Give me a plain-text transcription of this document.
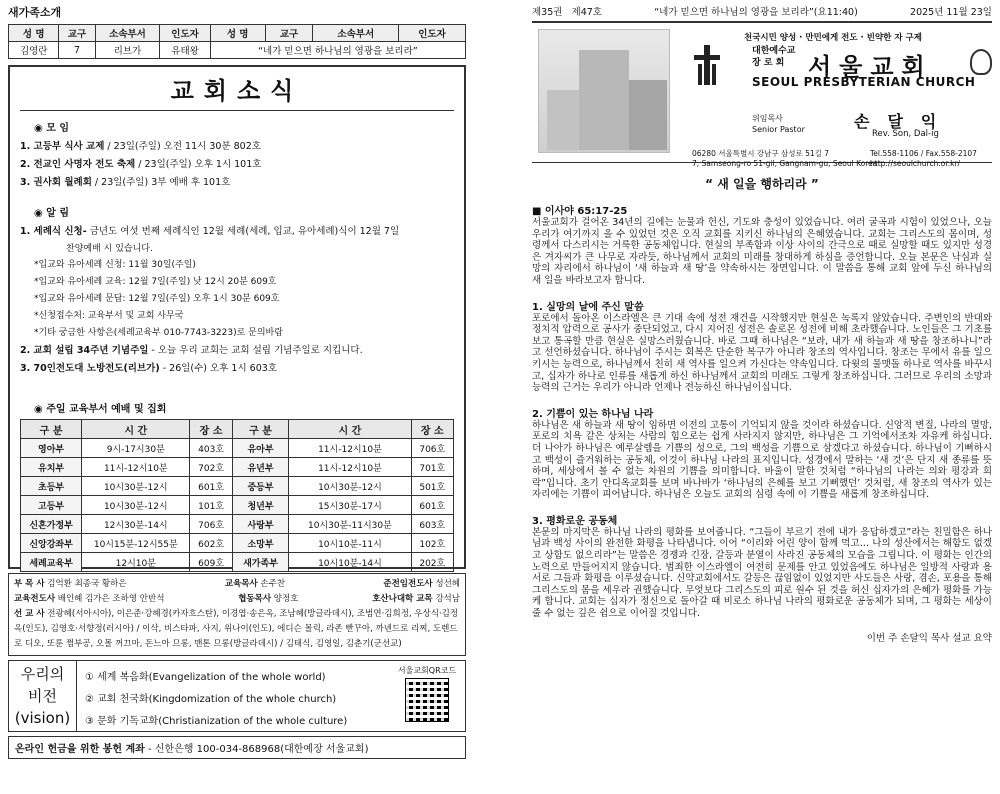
새가족소개
성 명	교구	소속부서	인도자	성 명	교구	소속부서	인도자
김영란	7	리브가	유태왕	“네가 믿으면 하나님의 영광을 보리라”			
교회소식
◉ 모 임
1. 고등부 식사 교제 / 23일(주일) 오전 11시 30분 802호
2. 전교인 사명자 전도 축제 / 23일(주일) 오후 1시 101호
3. 권사회 월례회 / 23일(주일) 3부 예배 후 101호
◉ 알 림
1. 세례식 신청- 금년도 여섯 번째 세례식인 12월 세례(세례, 입교, 유아세례)식이 12월 7일
찬양예배 시 있습니다.
*입교와 유아세례 신청: 11월 30일(주일)
*입교와 유아세례 교육: 12월 7일(주일) 낮 12시 20분 609호
*입교와 유아세례 문답: 12월 7일(주일) 오후 1시 30분 609호
*신청접수처: 교육부서 및 교회 사무국
*기타 궁금한 사항은(세례교육부 010-7743-3223)로 문의바람
2. 교회 설립 34주년 기념주일 - 오늘 우리 교회는 교회 설립 기념주일로 지킵니다.
3. 70인전도대 노방전도(리브가) - 26일(수) 오후 1시 603호
◉ 주일 교육부서 예배 및 집회
구 분	시 간	장 소	구 분	시 간	장 소
영아부	9시-17시30분	403호	유아부	11시-12시10분	706호
유치부	11시-12시10분	702호	유년부	11시-12시10분	701호
초등부	10시30분-12시	601호	중등부	10시30분-12시	501호
고등부	10시30분-12시	101호	청년부	15시30분-17시	601호
신혼가정부	12시30분-14시	706호	사랑부	10시30분-11시30분	603호
신앙강좌부	10시15분-12시55분	602호	소망부	10시10분-11시	102호
세례교육부	12시10분	609호	새가족부	10시10분-14시	202호
부 목 사 김억환 최종국 황하은	교육목사 손주찬	준전임전도사 성선혜
교육전도사 배인혜 김가은 조하영 안반석	협동목사 양정호	호산나대학 교목 강석남
선 교 사 전광혜(서아시아), 이은준·강혜경(카자흐스탄), 이경엽·송은옥, 조남혜(방글라데시), 조범연·김희정, 우상식·김정옥(인도), 김영호·서향정(러시아) / 이삭, 비스타파, 사지, 위나이(인도), 에디슨 몰릭, 라존 빤꾸아, 까넨드로 리찌, 도렌드로 디오, 또룬 쩜부공, 오몰 꺼끄마, 돈느아 므롱, 맨톤 므롱(방글라데시) / 김태식, 김영일, 김춘기(군선교)
우리의
비전
(vision)
① 세계 복음화(Evangelization of the whole world)
② 교회 천국화(Kingdomization of the whole church)
③ 문화 기독교화(Christianization of the whole culture)
서울교회QR코드
온라인 헌금을 위한 봉헌 계좌 - 신한은행 100-034-868968(대한예장 서울교회)
제35권 제47호	“네가 믿으면 하나님의 영광을 보리라”(요11:40)	2025년 11월 23일
천국시민 양성 · 만민에게 전도 · 빈약한 자 구제
대한예수교
장 로 회 서울교회
SEOUL PRESBYTERIAN CHURCH
위임목사
Senior Pastor	손달익
Rev. Son, Dal-ig
06280 서울특별시 강남구 삼성로 51길 7
7, Samseong-ro 51-gil, Gangnam-gu, Seoul Korea
Tel.558-1106 / Fax.558-2107
http://seoulchurch.or.kr/
“ 새 일을 행하리라 ”
■ 이사야 65:17-25
서울교회가 걸어온 34년의 길에는 눈물과 헌신, 기도와 충성이 있었습니다. 여러 굴곡과 시험이 있었으나, 오늘 우리가 여기까지 올 수 있었던 것은 오직 교회를 지키신 하나님의 은혜였습니다. 교회는 그리스도의 몸이며, 성령께서 다스리시는 거룩한 공동체입니다. 현실의 부족함과 이상 사이의 간극으로 때로 실망할 때도 있지만 성경은 겨자씨가 큰 나무로 자라듯, 하나님께서 교회의 미래를 창대하게 하심을 증언합니다. 오늘 본문은 낙심과 실망의 자리에서 하나님이 ‘새 하늘과 새 땅’을 약속하시는 장면입니다. 이 말씀을 통해 교회 앞에 두신 하나님의 새 일을 바라보고자 합니다.
1. 실망의 날에 주신 말씀
포로에서 돌아온 이스라엘은 큰 기대 속에 성전 재건을 시작했지만 현실은 녹록지 않았습니다. 주변인의 반대와 정치적 압력으로 공사가 중단되었고, 다시 지어진 성전은 솔로몬 성전에 비해 초라했습니다. 노인들은 그 기초를 보고 통곡할 만큼 현실은 실망스러웠습니다. 바로 그때 하나님은 “보라, 내가 새 하늘과 새 땅을 창조하나니”라고 선언하셨습니다. 하나님이 주시는 회복은 단순한 복구가 아니라 창조의 역사입니다. 창조는 무에서 유를 일으키시는 능력으로, 하나님께서 친히 새 역사를 일으켜 가신다는 약속입니다. 다윗의 물맷돌 하나로 역사를 바꾸시고, 십자가 하나로 인류를 새롭게 하신 하나님께서 교회의 미래도 그렇게 창조하십니다. 그러므로 우리의 소망과 능력의 근거는 우리가 아니라 언제나 전능하신 하나님이십니다.
2. 기쁨이 있는 하나님 나라
하나님은 새 하늘과 새 땅이 임하면 이전의 고통이 기억되지 않을 것이라 하셨습니다. 신앙적 변질, 나라의 멸망, 포로의 치욕 같은 상처는 사람의 힘으로는 쉽게 사라지지 않지만, 하나님은 그 기억에서조차 자유케 하십니다. 더 나아가 하나님은 예루살렘을 기쁨의 성으로, 그의 백성을 기쁨으로 삼겠다고 하셨습니다. 하나님이 기뻐하시고 백성이 즐거워하는 공동체, 이것이 하나님 나라의 표지입니다. 성경에서 말하는 ‘새 것’은 단지 새 종류를 뜻하며, 세상에서 볼 수 없는 차원의 기쁨을 의미합니다. 바울이 말한 것처럼 “하나님의 나라는 의와 평강과 희락”입니다. 초기 안디옥교회를 보며 바나바가 ‘하나님의 은혜를 보고 기뻐했던’ 것처럼, 새 창조의 역사가 있는 자리에는 기쁨이 피어납니다. 하나님은 오늘도 교회의 심령 속에 이 기쁨을 새롭게 창조하십니다.
3. 평화로운 공동체
본문의 마지막은 하나님 나라의 평화를 보여줍니다. “그들이 부르기 전에 내가 응답하겠고”라는 친밀함은 하나님과 백성 사이의 완전한 화평을 나타냅니다. 이어 “이리와 어린 양이 함께 먹고… 나의 성산에서는 해함도 없겠고 상함도 없으리라”는 말씀은 경쟁과 긴장, 갈등과 분열이 사라진 공동체의 모습을 그립니다. 이 평화는 인간의 노력으로 만들어지지 않습니다. 범죄한 이스라엘이 여전히 문제를 안고 있었음에도 하나님은 일방적 사랑과 용서로 그들과 화평을 이루셨습니다. 신약교회에서도 갈등은 끊임없이 있었지만 사도들은 사랑, 겸손, 포용을 통해 그리스도의 몸을 세우라 권했습니다. 무엇보다 그리스도의 피로 원수 된 것을 허신 십자가의 은혜가 평화를 가능케 합니다. 교회는 십자가 정신으로 돌아갈 때 비로소 하나님 나라의 평화로운 공동체가 되며, 그 평화는 세상이 줄 수 없는 깊은 쉼으로 이어질 것입니다.
이번 주 손달익 목사 설교 요약
